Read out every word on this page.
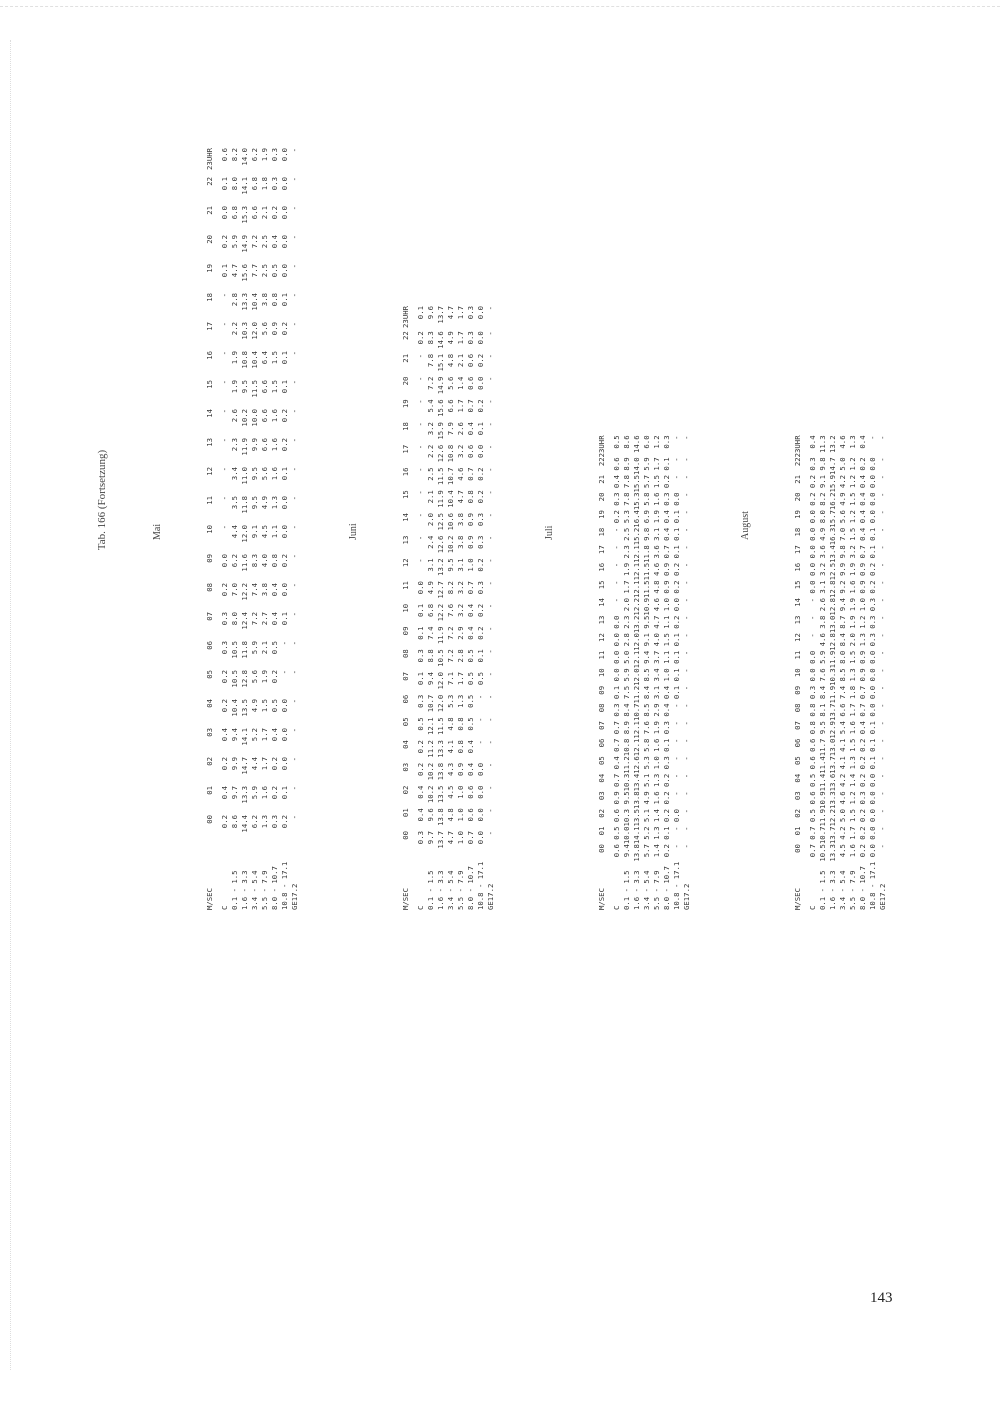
Tab. 166 (Fortsetzung)	Mai
M/SEC	00	01	02	03	04	05	06	07	08	09	10	11	12	13	14	15	16	17	18	19	20	21	22	23UHR
C	0.2	0.4	0.2	0.4	0.2	0.2	0.3	0.3	0.2	0.0	-	-	-	-	-	-	-	-	-	0.1	0.2	0.0	0.1	0.6
0.1 - 1.5	8.6	9.7	9.9	9.4	10.4	10.5	10.5	8.0	7.0	6.2	4.4	3.5	3.4	2.3	2.6	1.9	1.9	2.2	2.8	4.7	5.9	6.8	8.0	8.2
1.6 - 3.3	14.4	13.3	14.7	14.1	13.5	12.8	11.8	12.4	12.2	11.6	12.0	11.8	11.0	11.9	10.2	9.5	10.8	10.3	13.3	15.6	14.9	15.3	14.1	14.0
3.4 - 5.4	6.2	5.9	4.4	5.2	4.9	5.6	5.9	7.2	7.4	8.3	9.1	9.5	9.5	9.9	10.0	11.5	10.4	12.0	10.4	7.7	7.2	6.6	6.8	6.2
5.5 - 7.9	1.3	1.6	1.7	1.7	1.5	1.9	2.1	2.7	3.8	4.0	4.5	4.9	5.6	6.6	6.6	6.6	6.4	5.6	3.8	2.5	2.5	2.1	1.8	1.9
8.0 - 10.7	0.3	0.2	0.2	0.4	0.5	0.2	0.5	0.4	0.4	0.8	1.1	1.3	1.6	1.6	1.6	1.5	1.5	0.9	0.8	0.5	0.4	0.2	0.3	0.3
10.8 - 17.1	0.2	0.1	0.0	0.0	0.0	-	-	0.1	0.0	0.2	0.0	0.0	0.1	0.2	0.2	0.1	0.1	0.2	0.1	0.0	0.0	0.0	0.0	0.0
GE17.2	-	-	-	-	-	-	-	-	-	-	-	-	-	-	-	-	-	-	-	-	-	-	-	-
Juni
M/SEC	00	01	02	03	04	05	06	07	08	09	10	11	12	13	14	15	16	17	18	19	20	21	22	23UHR
C	0.3	0.4	0.4	0.2	0.2	0.5	0.3	0.1	0.3	0.1	0.1	0.0	-	-	-	-	-	-	-	-	-	-	0.2	0.1
0.1 - 1.5	9.7	9.6	10.2	10.2	11.2	12.1	10.7	9.4	8.8	7.4	6.8	4.9	3.1	2.4	2.0	2.1	2.5	2.2	3.2	5.4	7.2	7.8	8.3	9.6
1.6 - 3.3	13.7	13.8	13.5	13.8	13.3	11.5	12.0	12.0	10.5	11.9	12.2	12.7	13.2	12.6	12.5	11.9	11.5	12.6	15.9	15.6	14.9	15.1	14.6	13.7
3.4 - 5.4	4.7	4.8	4.5	4.3	4.1	4.8	5.3	7.1	7.2	7.2	7.6	8.2	9.5	10.2	10.6	10.4	10.7	10.8	7.9	6.6	5.6	4.8	4.9	4.7
5.5 - 7.9	1.0	1.0	1.0	0.9	0.8	0.8	1.3	1.7	2.8	2.9	3.2	3.2	3.1	3.8	3.8	4.7	4.6	3.2	2.6	1.7	1.4	2.1	1.7	1.7
8.0 - 10.7	0.7	0.6	0.6	0.4	0.4	0.5	0.5	0.5	0.5	0.4	0.4	0.7	1.0	0.9	0.9	0.8	0.7	0.6	0.4	0.7	0.6	0.6	0.3	0.3
10.8 - 17.1	0.0	0.0	0.0	0.0	-	-	-	0.5	0.1	0.2	0.2	0.3	0.2	0.3	0.3	0.2	0.2	0.0	0.1	0.2	0.0	0.2	0.0	0.0
GE17.2	-	-	-	-	-	-	-	-	-	-	-	-	-	-	-	-	-	-	-	-	-	-	-	-
Juli
M/SEC	00	01	02	03	04	05	06	07	08	09	10	11	12	13	14	15	16	17	18	19	20	21	22	23UHR
C	0.6	0.5	0.6	0.9	0.7	0.4	0.7	0.7	0.3	0.1	0.0	0.0	0.0	0.0	-	-	-	-	-	0.2	0.3	0.4	0.6	0.5
0.1 - 1.5	9.4	10.0	10.3	9.5	10.3	11.2	10.8	8.9	8.4	7.5	5.9	5.0	2.8	2.3	2.0	1.7	1.9	2.3	2.5	5.3	7.8	7.8	8.9	8.6
1.6 - 3.3	13.8	14.1	13.5	13.8	13.4	12.6	12.1	12.1	10.7	11.2	12.0	12.1	12.0	13.2	12.2	12.1	12.1	12.1	15.2	16.4	15.3	15.5	14.0	14.6
3.4 - 5.4	5.7	5.2	5.1	4.9	5.1	5.3	5.8	7.6	8.5	8.4	8.5	9.4	9.1	9.5	10.9	11.5	11.5	11.8	9.8	6.9	5.8	5.7	5.9	6.0
5.5 - 7.9	1.4	1.3	1.4	1.6	1.3	1.0	1.6	1.9	2.9	3.1	3.4	3.7	4.0	4.7	4.6	4.8	4.6	3.6	3.1	1.9	1.6	1.5	1.7	1.2
8.0 - 10.7	0.2	0.1	0.2	0.2	0.2	0.3	0.1	0.3	0.4	0.4	1.0	1.1	1.5	1.1	1.0	0.9	0.9	0.7	0.4	0.4	0.3	0.2	0.1	0.3
10.8 - 17.1	-	-	0.0	-	-	-	-	-	-	0.1	0.1	0.1	0.1	0.2	0.0	0.2	0.2	0.1	0.1	0.1	0.0	-	-	-
GE17.2	-	-	-	-	-	-	-	-	-	-	-	-	-	-	-	-	-	-	-	-	-	-	-	-
August
M/SEC	00	01	02	03	04	05	06	07	08	09	10	11	12	13	14	15	16	17	18	19	20	21	22	23UHR
C	0.7	0.7	0.5	0.6	0.5	0.6	0.6	0.8	0.8	0.3	0.0	0.0	-	-	-	0.0	0.0	0.0	0.0	0.0	0.2	0.2	0.3	0.4
0.1 - 1.5	10.5	10.7	11.9	10.9	11.4	11.4	11.7	9.5	8.1	8.4	7.6	5.9	4.6	3.8	2.6	3.1	3.2	3.6	4.9	8.0	8.2	9.1	9.8	11.3
1.6 - 3.3	13.3	13.7	12.2	13.3	13.6	13.7	13.0	12.9	13.7	11.9	10.3	11.9	12.8	13.0	12.8	12.8	12.5	13.4	16.3	15.7	16.2	15.9	14.7	13.2
3.4 - 5.4	4.5	4.2	5.0	4.6	4.2	4.1	4.1	5.4	6.6	7.4	8.5	8.0	8.4	8.7	9.4	9.2	9.9	9.8	7.0	5.6	4.9	4.2	5.0	4.6
5.5 - 7.9	1.6	1.7	1.5	1.2	1.4	1.3	1.5	1.6	1.7	1.8	1.3	1.5	2.0	1.9	1.9	1.6	1.9	3.2	1.5	1.2	1.5	1.2	1.2	1.3
8.0 - 10.7	0.2	0.2	0.2	0.3	0.2	0.2	0.2	0.4	0.7	0.7	0.9	0.9	1.3	1.2	1.0	0.9	0.9	0.7	0.4	0.4	0.4	0.4	0.2	0.4
10.8 - 17.1	0.0	0.0	0.0	0.0	0.0	0.1	0.1	0.1	0.0	0.0	0.0	0.0	0.3	0.3	0.3	0.2	0.2	0.1	0.1	0.0	0.0	0.0	0.0	-
GE17.2	-	-	-	-	-	-	-	-	-	-	-	-	-	-	-	-	-	-	-	-	-	-	-	-
143
